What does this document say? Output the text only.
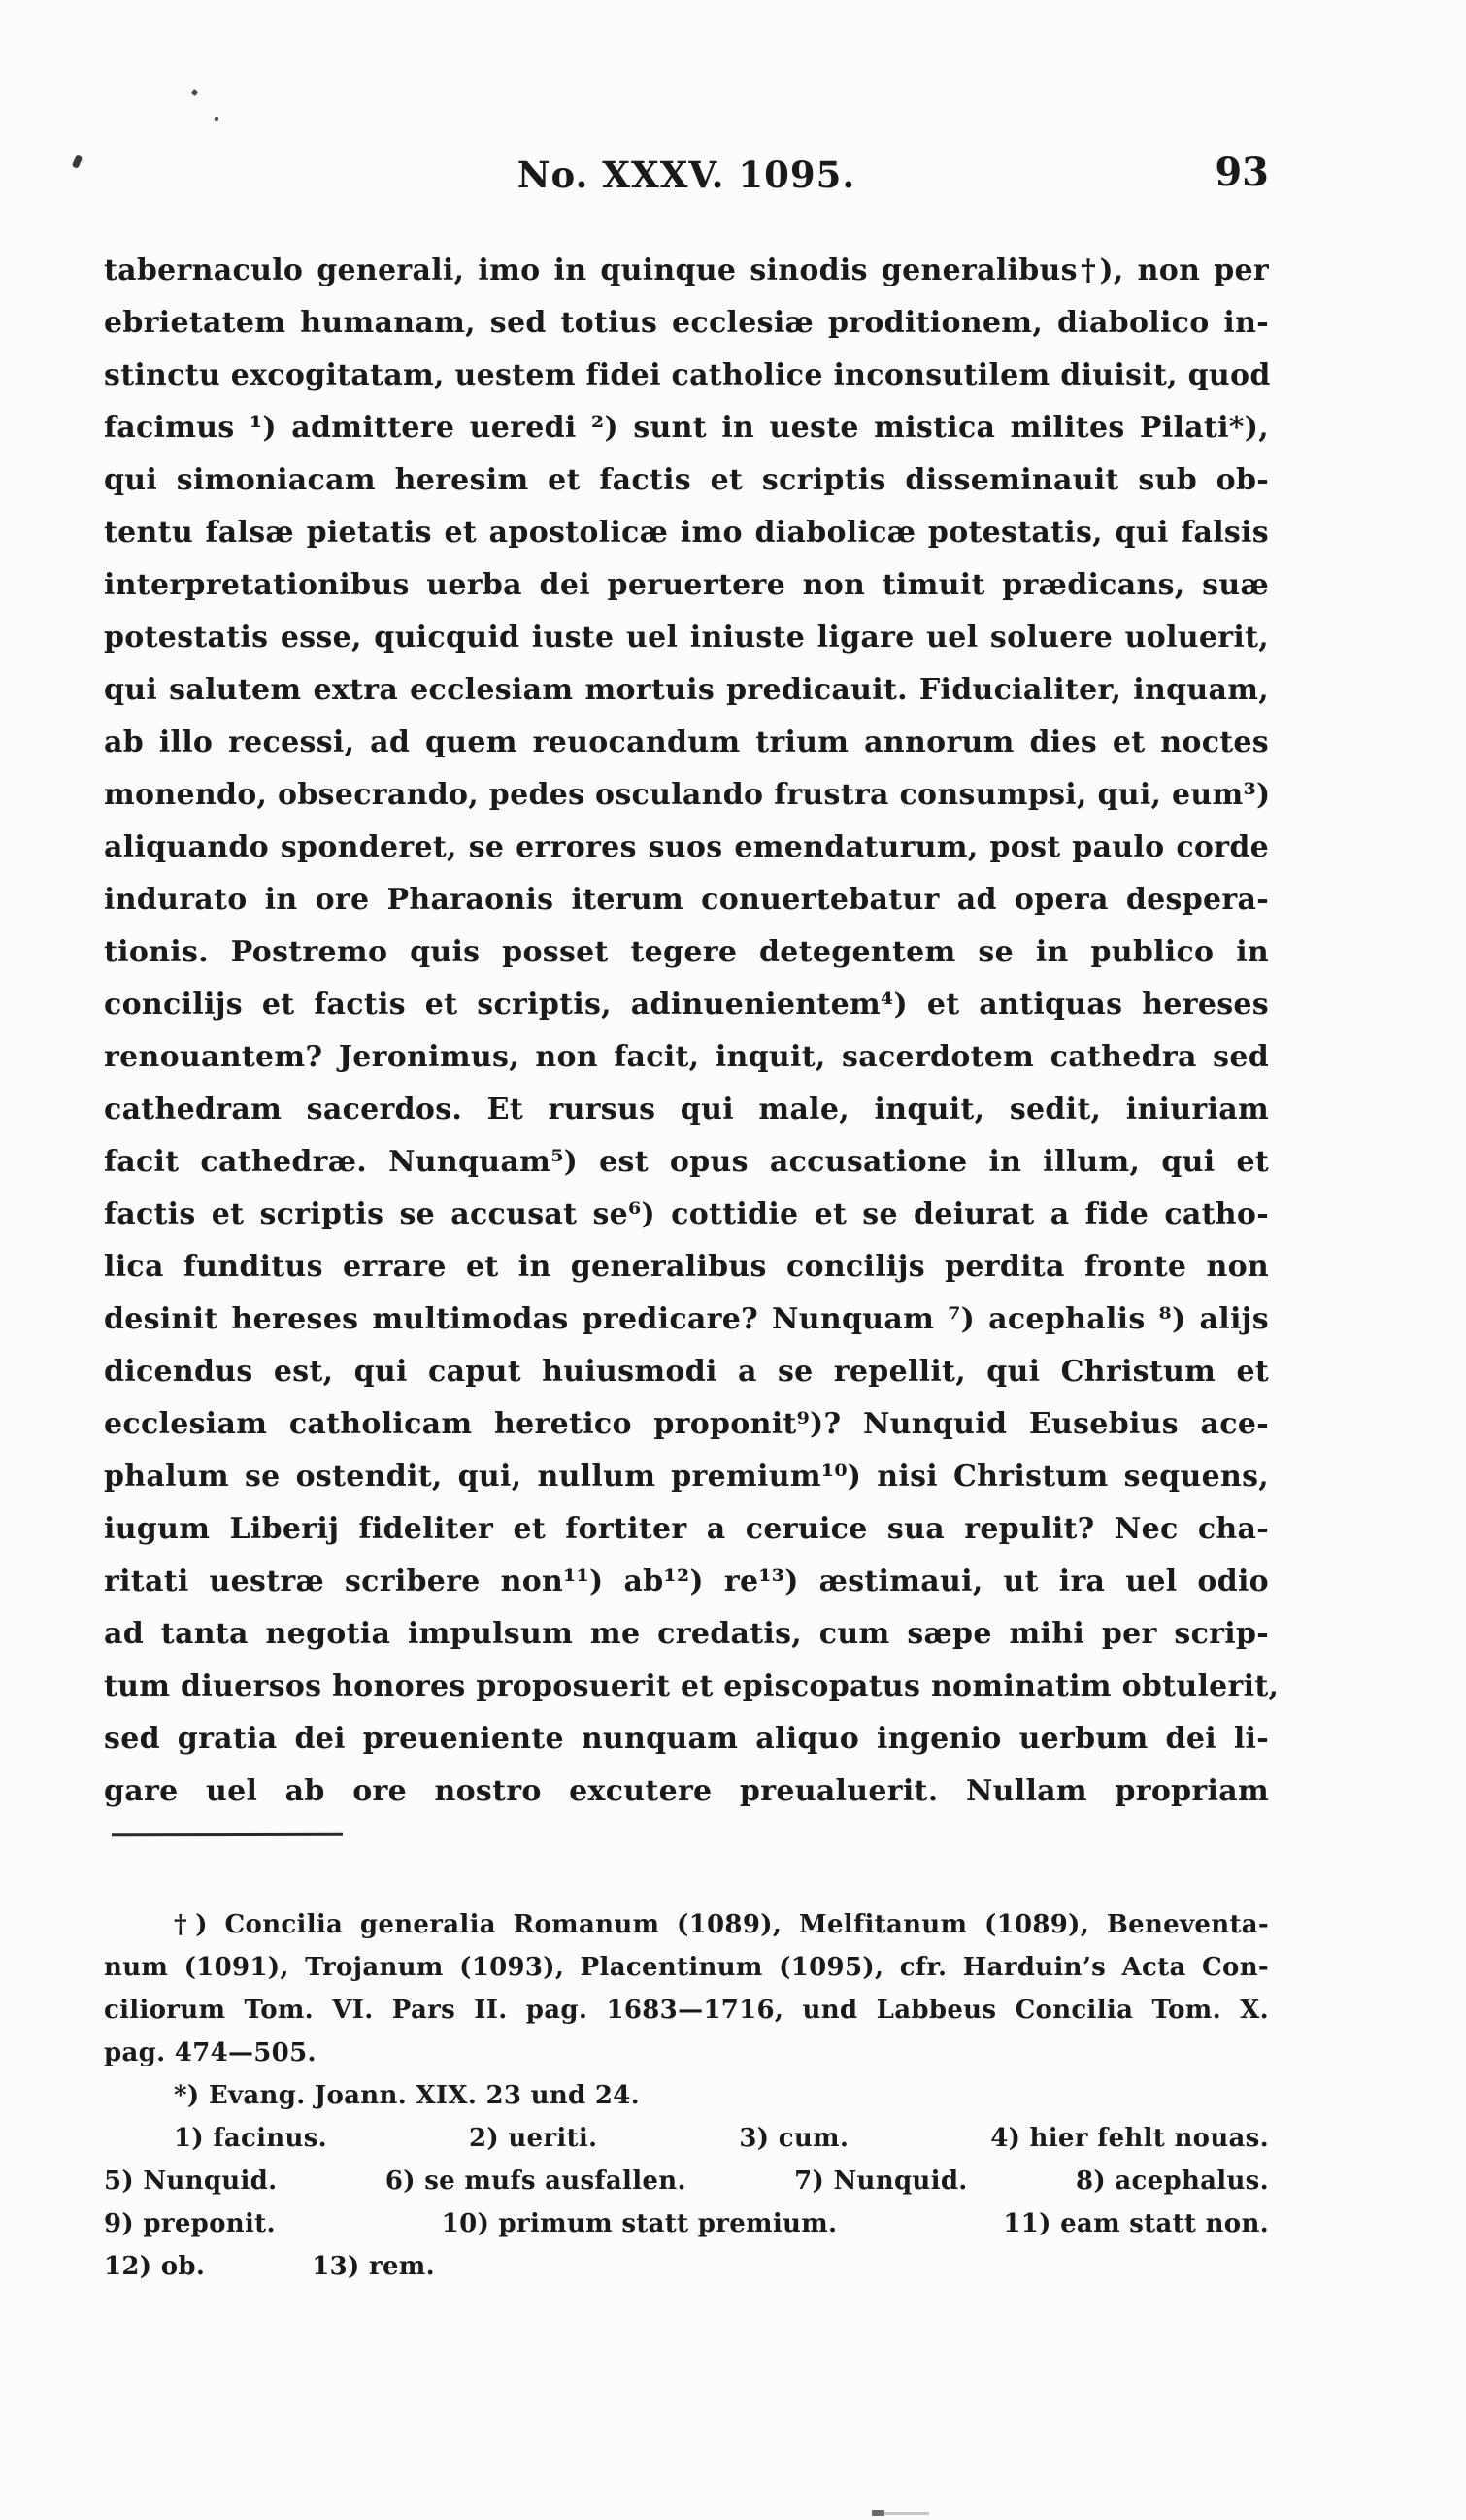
No. XXXV. 1095.	93
tabernaculo generali, imo in quinque sinodis generalibus†), non per
ebrietatem humanam, sed totius ecclesiæ proditionem, diabolico in-
stinctu excogitatam, uestem fidei catholice inconsutilem diuisit, quod
facimus ¹) admittere ueredi ²) sunt in ueste mistica milites Pilati*),
qui simoniacam heresim et factis et scriptis disseminauit sub ob-
tentu falsæ pietatis et apostolicæ imo diabolicæ potestatis, qui falsis
interpretationibus uerba dei peruertere non timuit prædicans, suæ
potestatis esse, quicquid iuste uel iniuste ligare uel soluere uoluerit,
qui salutem extra ecclesiam mortuis predicauit. Fiducialiter, inquam,
ab illo recessi, ad quem reuocandum trium annorum dies et noctes
monendo, obsecrando, pedes osculando frustra consumpsi, qui, eum³)
aliquando sponderet, se errores suos emendaturum, post paulo corde
indurato in ore Pharaonis iterum conuertebatur ad opera despera-
tionis. Postremo quis posset tegere detegentem se in publico in
concilijs et factis et scriptis, adinuenientem⁴) et antiquas hereses
renouantem? Jeronimus, non facit, inquit, sacerdotem cathedra sed
cathedram sacerdos. Et rursus qui male, inquit, sedit, iniuriam
facit cathedræ. Nunquam⁵) est opus accusatione in illum, qui et
factis et scriptis se accusat se⁶) cottidie et se deiurat a fide catho-
lica funditus errare et in generalibus concilijs perdita fronte non
desinit hereses multimodas predicare? Nunquam ⁷) acephalis ⁸) alijs
dicendus est, qui caput huiusmodi a se repellit, qui Christum et
ecclesiam catholicam heretico proponit⁹)? Nunquid Eusebius ace-
phalum se ostendit, qui, nullum premium¹⁰) nisi Christum sequens,
iugum Liberij fideliter et fortiter a ceruice sua repulit? Nec cha-
ritati uestræ scribere non¹¹) ab¹²) re¹³) æstimaui, ut ira uel odio
ad tanta negotia impulsum me credatis, cum sæpe mihi per scrip-
tum diuersos honores proposuerit et episcopatus nominatim obtulerit,
sed gratia dei preueniente nunquam aliquo ingenio uerbum dei li-
gare uel ab ore nostro excutere preualuerit. Nullam propriam
†) Concilia generalia Romanum (1089), Melfitanum (1089), Beneventa-
num (1091), Trojanum (1093), Placentinum (1095), cfr. Harduin’s Acta Con-
ciliorum Tom. VI. Pars II. pag. 1683—1716, und Labbeus Concilia Tom. X.
pag. 474—505.
*) Evang. Joann. XIX. 23 und 24.
1) facinus.	2) ueriti.	3) cum.	4) hier fehlt nouas.
5) Nunquid.	6) se mufs ausfallen.	7) Nunquid.	8) acephalus.
9) preponit.	10) primum statt premium.	11) eam statt non.
12) ob.	13) rem.
